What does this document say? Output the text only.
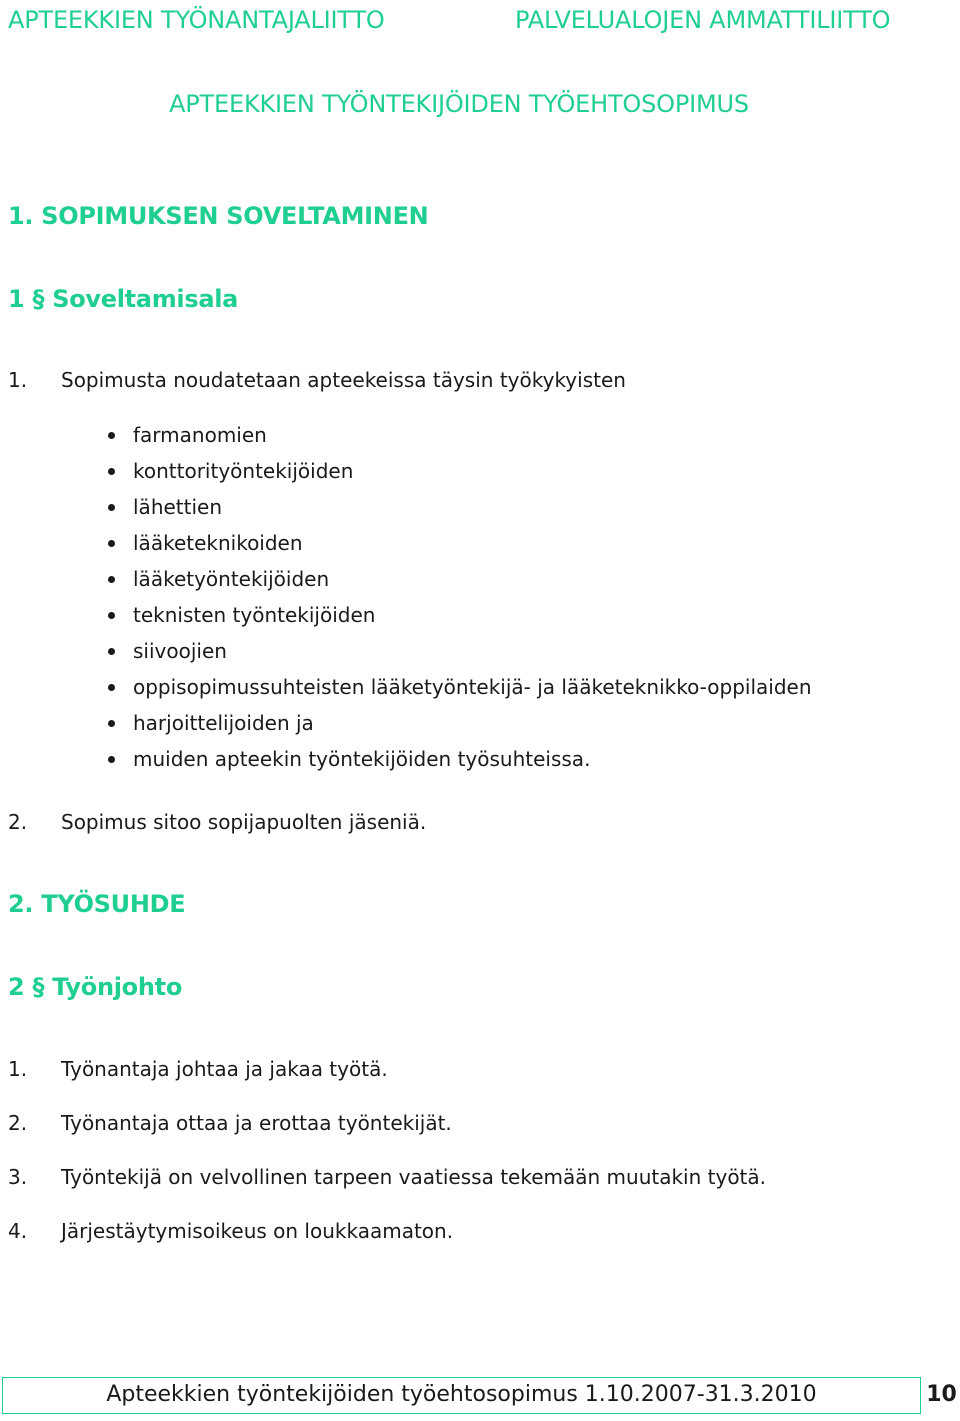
APTEEKKIEN TYÖNANTAJALIITTO	PALVELUALOJEN AMMATTILIITTO
APTEEKKIEN TYÖNTEKIJÖIDEN TYÖEHTOSOPIMUS
1. SOPIMUKSEN SOVELTAMINEN
1 § Soveltamisala
1. Sopimusta noudatetaan apteekeissa täysin työkykyisten
farmanomien
konttorityöntekijöiden
lähettien
lääketeknikoiden
lääketyöntekijöiden
teknisten työntekijöiden
siivoojien
oppisopimussuhteisten lääketyöntekijä- ja lääketeknikko-oppilaiden
harjoittelijoiden ja
muiden apteekin työntekijöiden työsuhteissa.
2. Sopimus sitoo sopijapuolten jäseniä.
2. TYÖSUHDE
2 § Työnjohto
1. Työnantaja johtaa ja jakaa työtä.
2. Työnantaja ottaa ja erottaa työntekijät.
3. Työntekijä on velvollinen tarpeen vaatiessa tekemään muutakin työtä.
4. Järjestäytymisoikeus on loukkaamaton.
Apteekkien työntekijöiden työehtosopimus 1.10.2007-31.3.2010	10
